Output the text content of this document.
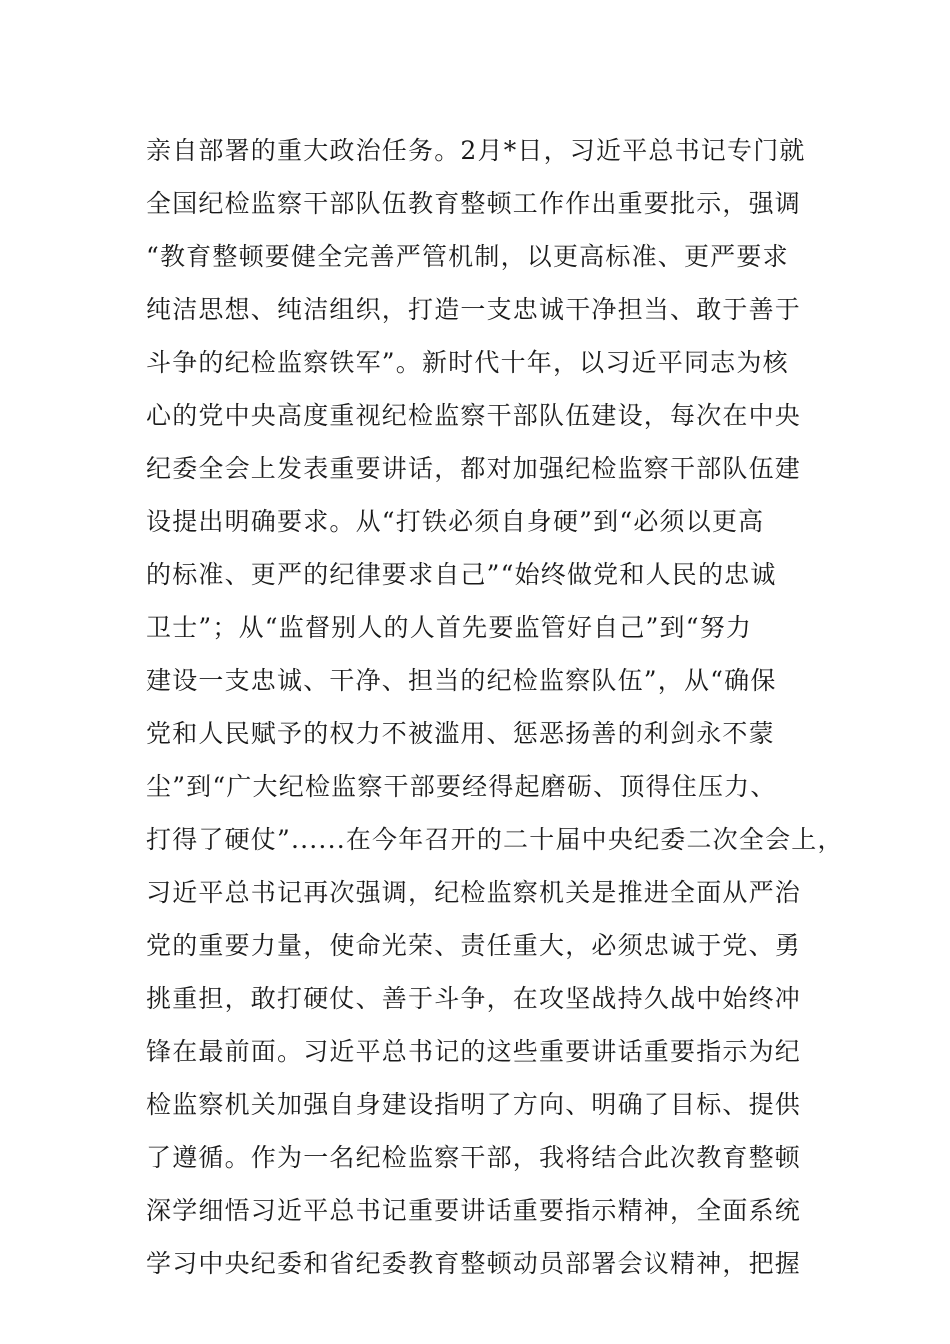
亲自部署的重大政治任务。2月*日，习近平总书记专门就
全国纪检监察干部队伍教育整顿工作作出重要批示，强调
“教育整顿要健全完善严管机制，以更高标准、更严要求
纯洁思想、纯洁组织，打造一支忠诚干净担当、敢于善于
斗争的纪检监察铁军”。新时代十年，以习近平同志为核
心的党中央高度重视纪检监察干部队伍建设，每次在中央
纪委全会上发表重要讲话，都对加强纪检监察干部队伍建
设提出明确要求。从“打铁必须自身硬”到“必须以更高
的标准、更严的纪律要求自己”“始终做党和人民的忠诚
卫士”；从“监督别人的人首先要监管好自己”到“努力
建设一支忠诚、干净、担当的纪检监察队伍”，从“确保
党和人民赋予的权力不被滥用、惩恶扬善的利剑永不蒙
尘”到“广大纪检监察干部要经得起磨砺、顶得住压力、
打得了硬仗”......在今年召开的二十届中央纪委二次全会上，
习近平总书记再次强调，纪检监察机关是推进全面从严治
党的重要力量，使命光荣、责任重大，必须忠诚于党、勇
挑重担，敢打硬仗、善于斗争，在攻坚战持久战中始终冲
锋在最前面。习近平总书记的这些重要讲话重要指示为纪
检监察机关加强自身建设指明了方向、明确了目标、提供
了遵循。作为一名纪检监察干部，我将结合此次教育整顿
深学细悟习近平总书记重要讲话重要指示精神，全面系统
学习中央纪委和省纪委教育整顿动员部署会议精神，把握
